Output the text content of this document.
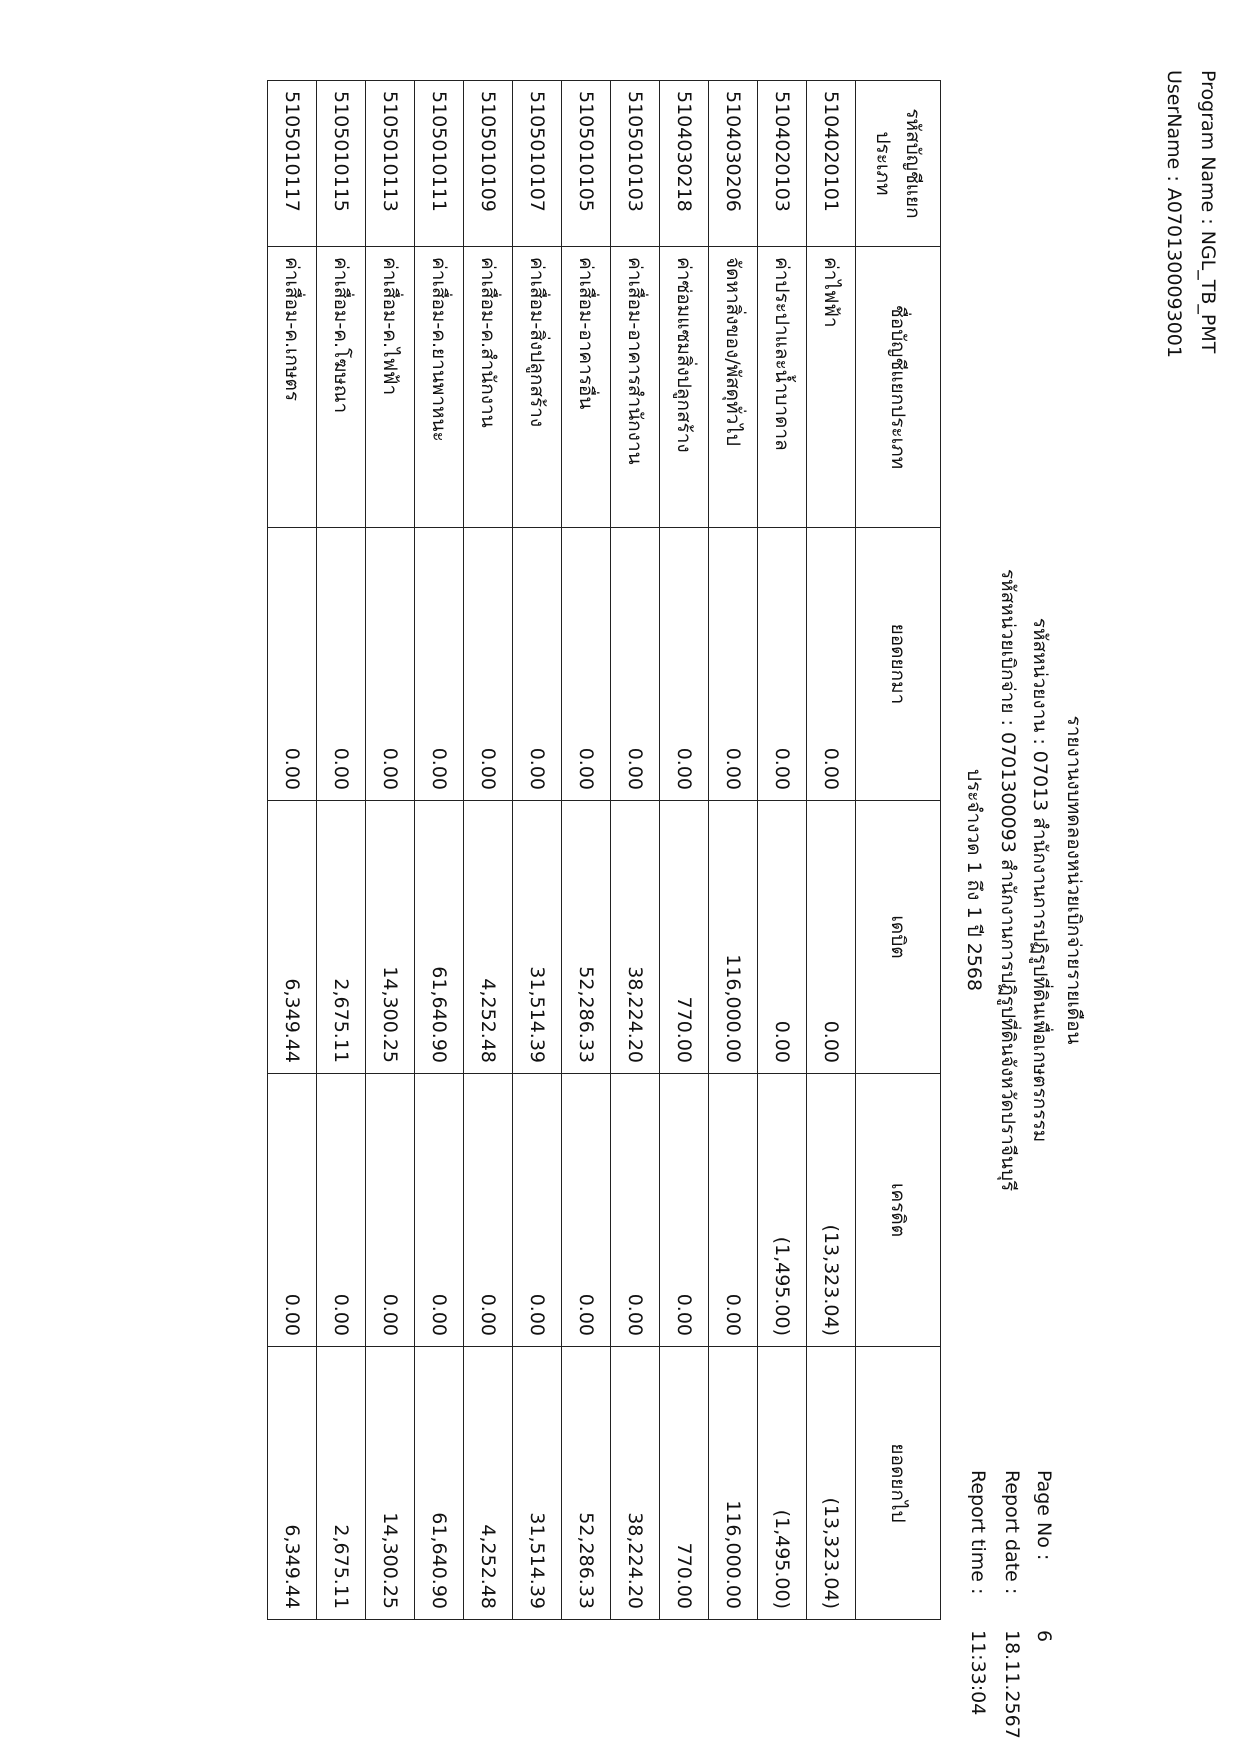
Program Name : NGL_TB_PMT
UserName : A0701300093001
รายงานงบทดลองหน่วยเบิกจ่ายรายเดือน
รหัสหน่วยงาน : 07013 สำนักงานการปฏิรูปที่ดินเพื่อเกษตรกรรม
รหัสหน่วยเบิกจ่าย : 0701300093 สำนักงานการปฏิรูปที่ดินจังหวัดปราจีนบุรี
ประจำงวด 1 ถึง 1 ปี 2568
Page No :
6
Report date :
18.11.2567
Report time :
11:33:04
รหัสบัญชีแยกประเภท	ชื่อบัญชีแยกประเภท	ยอดยกมา	เดบิต	เครดิต	ยอดยกไป
5104020101	ค่าไฟฟ้า	0.00	0.00	(13,323.04)	(13,323.04)
5104020103	ค่าประปาและน้ำบาดาล	0.00	0.00	(1,495.00)	(1,495.00)
5104030206	จัดหาสิ่งของ/พัสดุทั่วไป	0.00	116,000.00	0.00	116,000.00
5104030218	ค่าซ่อมแซมสิ่งปลูกสร้าง	0.00	770.00	0.00	770.00
5105010103	ค่าเสื่อม-อาคารสำนักงาน	0.00	38,224.20	0.00	38,224.20
5105010105	ค่าเสื่อม-อาคารอื่น	0.00	52,286.33	0.00	52,286.33
5105010107	ค่าเสื่อม-สิ่งปลูกสร้าง	0.00	31,514.39	0.00	31,514.39
5105010109	ค่าเสื่อม-ค.สำนักงาน	0.00	4,252.48	0.00	4,252.48
5105010111	ค่าเสื่อม-ค.ยานพาหนะ	0.00	61,640.90	0.00	61,640.90
5105010113	ค่าเสื่อม-ค.ไฟฟ้า	0.00	14,300.25	0.00	14,300.25
5105010115	ค่าเสื่อม-ค.โฆษณา	0.00	2,675.11	0.00	2,675.11
5105010117	ค่าเสื่อม-ค.เกษตร	0.00	6,349.44	0.00	6,349.44
